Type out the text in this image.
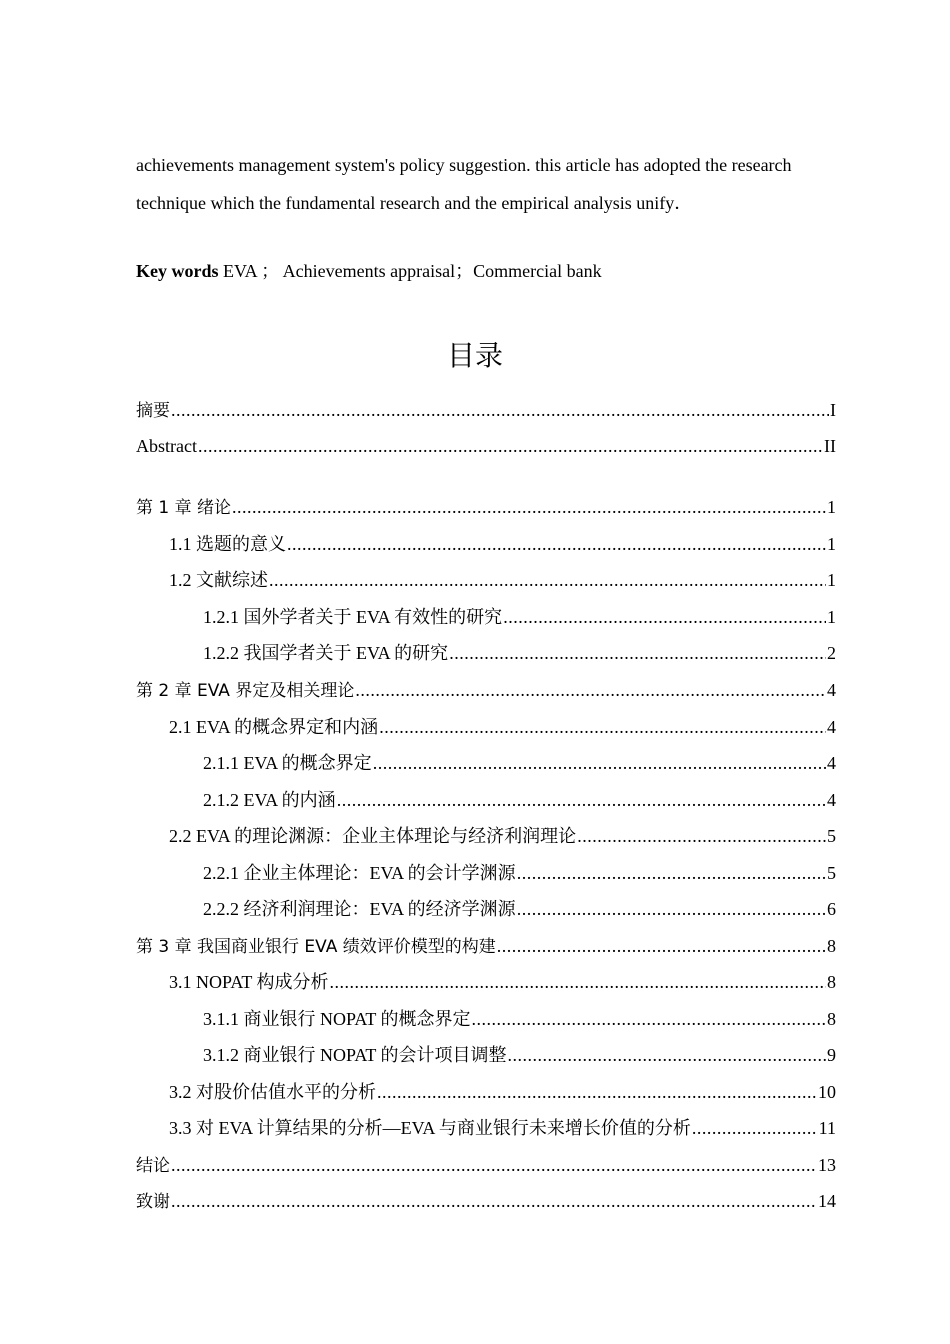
achievements management system's policy suggestion. this article has adopted the research
technique which the fundamental research and the empirical analysis unify．

Key words EVA ； Achievements appraisal；Commercial bank
目录
摘要 .....	I
Abstract .....	II
第 1 章 绪论 .....	1
1.1 选题的意义 .....	1
1.2 文献综述 .....	1
1.2.1 国外学者关于 EVA 有效性的研究 .....	1
1.2.2 我国学者关于 EVA 的研究 .....	2
第 2 章 EVA 界定及相关理论 .....	4
2.1 EVA 的概念界定和内涵 .....	4
2.1.1 EVA 的概念界定 .....	4
2.1.2 EVA 的内涵 .....	4
2.2 EVA 的理论渊源：企业主体理论与经济利润理论 .....	5
2.2.1 企业主体理论：EVA 的会计学渊源 .....	5
2.2.2 经济利润理论：EVA 的经济学渊源 .....	6
第 3 章 我国商业银行 EVA 绩效评价模型的构建 .....	8
3.1 NOPAT 构成分析 .....	8
3.1.1 商业银行 NOPAT 的概念界定 .....	8
3.1.2 商业银行 NOPAT 的会计项目调整 .....	9
3.2 对股价估值水平的分析 .....	10
3.3 对 EVA 计算结果的分析—EVA 与商业银行未来增长价值的分析 .....	11
结论 .....	13
致谢 .....	14
